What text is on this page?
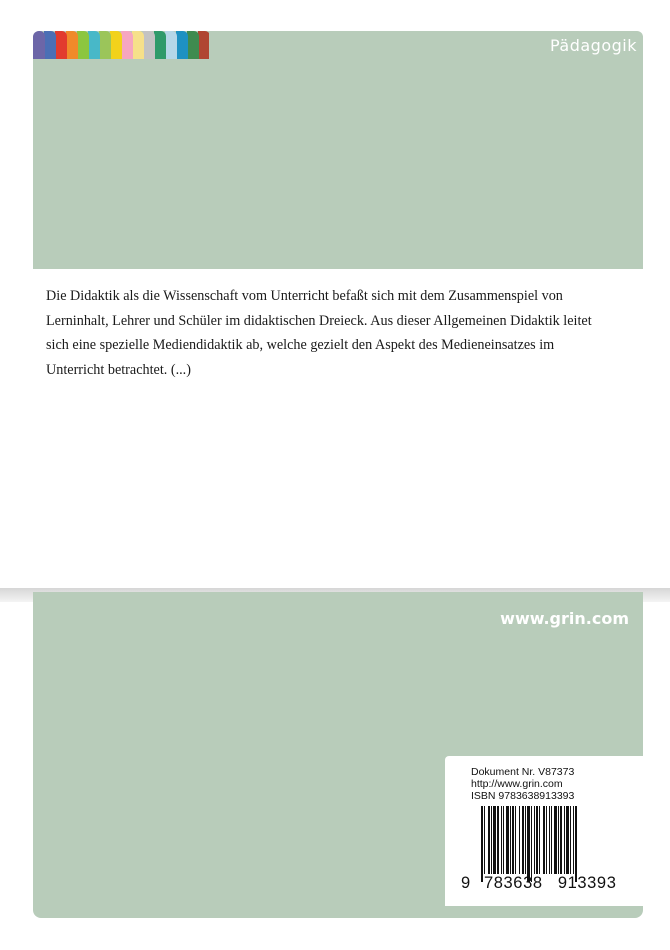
Pädagogik

Die Didaktik als die Wissenschaft vom Unterricht befaßt sich mit dem Zusammenspiel von Lerninhalt, Lehrer und Schüler im didaktischen Dreieck. Aus dieser Allgemeinen Didaktik leitet sich eine spezielle Mediendidaktik ab, welche gezielt den Aspekt des Medieneinsatzes im Unterricht betrachtet. (...)

www.grin.com
Dokument Nr. V87373
http://www.grin.com
ISBN 9783638913393
9 783638 913393
